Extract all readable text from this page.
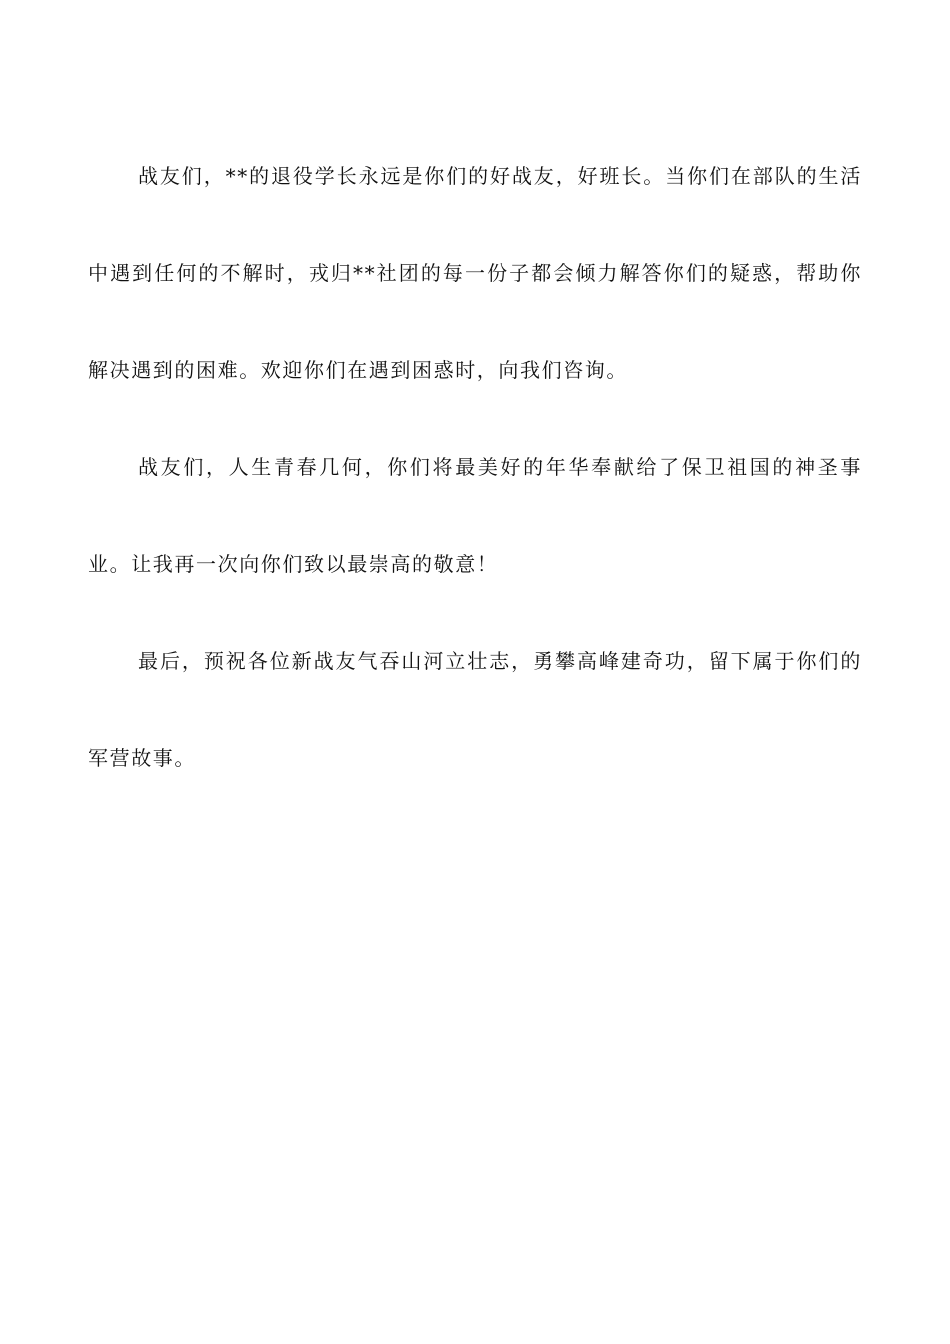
战友们，**的退役学长永远是你们的好战友，好班长。当你们在部队的生活中遇到任何的不解时，戎归**社团的每一份子都会倾力解答你们的疑惑，帮助你解决遇到的困难。欢迎你们在遇到困惑时，向我们咨询。

战友们，人生青春几何，你们将最美好的年华奉献给了保卫祖国的神圣事业。让我再一次向你们致以最崇高的敬意！

最后，预祝各位新战友气吞山河立壮志，勇攀高峰建奇功，留下属于你们的军营故事。
